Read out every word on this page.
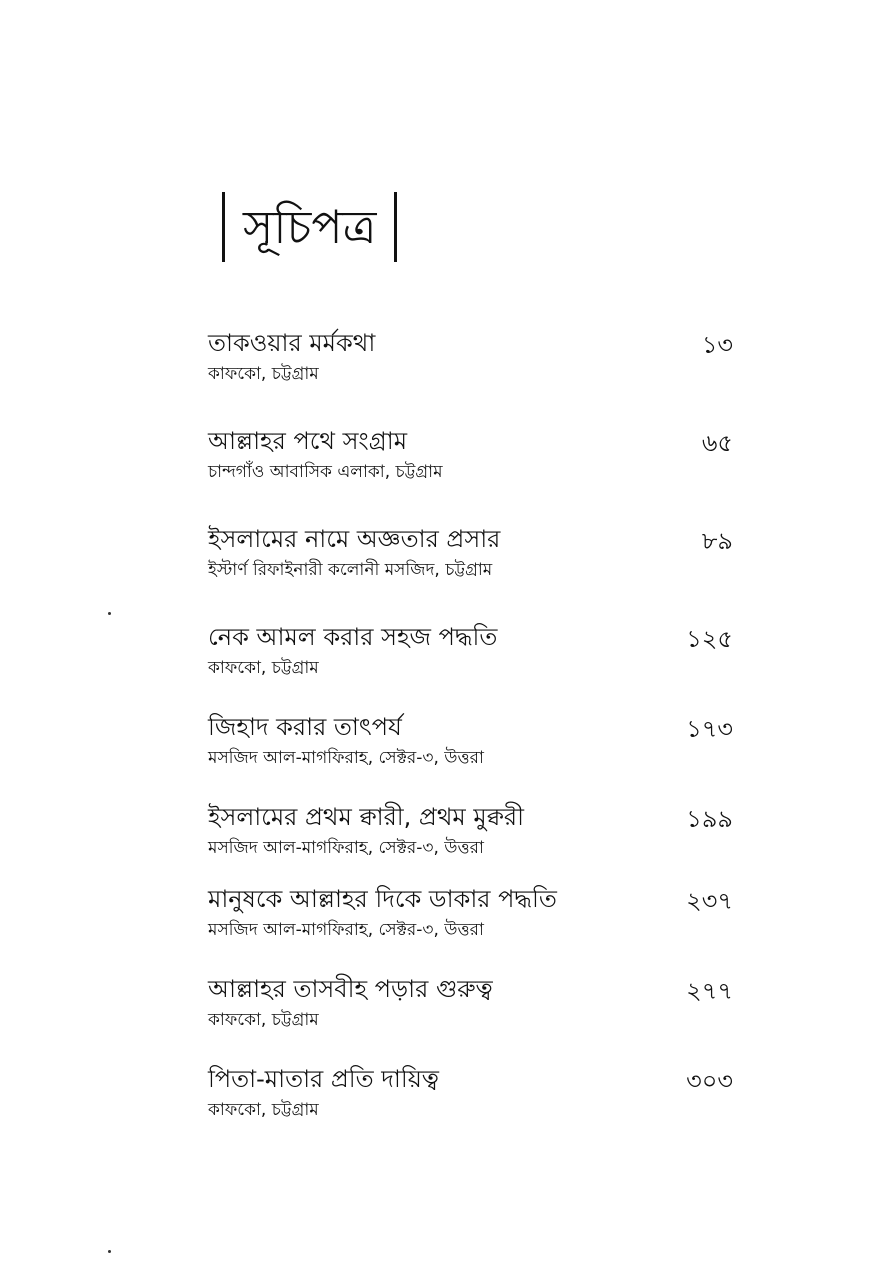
সূচিপত্র
তাকওয়ার মর্মকথা
কাফকো, চট্টগ্রাম
১৩
আল্লাহর পথে সংগ্রাম
চান্দগাঁও আবাসিক এলাকা, চট্টগ্রাম
৬৫
ইসলামের নামে অজ্ঞতার প্রসার
ইস্টার্ণ রিফাইনারী কলোনী মসজিদ, চট্টগ্রাম
৮৯
নেক আমল করার সহজ পদ্ধতি
কাফকো, চট্টগ্রাম
১২৫
জিহাদ করার তাৎপর্য
মসজিদ আল-মাগফিরাহ, সেক্টর-৩, উত্তরা
১৭৩
ইসলামের প্রথম ক্বারী, প্রথম মুক্বরী
মসজিদ আল-মাগফিরাহ, সেক্টর-৩, উত্তরা
১৯৯
মানুষকে আল্লাহর দিকে ডাকার পদ্ধতি
মসজিদ আল-মাগফিরাহ, সেক্টর-৩, উত্তরা
২৩৭
আল্লাহর তাসবীহ পড়ার গুরুত্ব
কাফকো, চট্টগ্রাম
২৭৭
পিতা-মাতার প্রতি দায়িত্ব
কাফকো, চট্টগ্রাম
৩০৩
